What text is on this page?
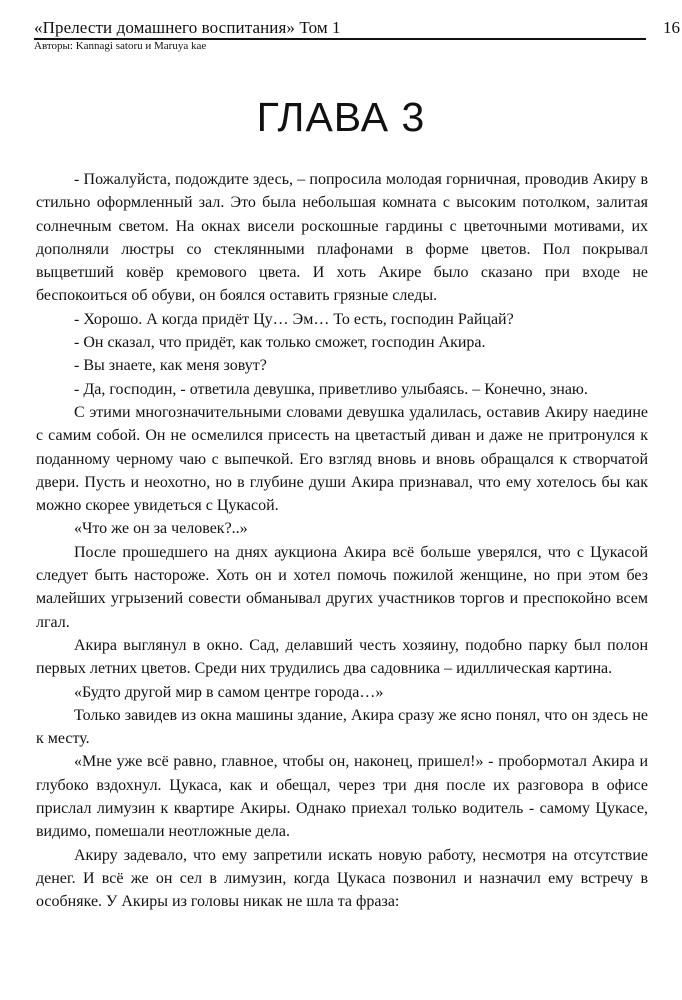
«Прелести домашнего воспитания» Том 1	16
Авторы: Kannagi satoru и Maruya kae
ГЛАВА 3

- Пожалуйста, подождите здесь, – попросила молодая горничная, проводив Акиру в стильно оформленный зал. Это была небольшая комната с высоким потолком, залитая солнечным светом. На окнах висели роскошные гардины с цветочными мотивами, их дополняли люстры со стеклянными плафонами в форме цветов. Пол покрывал выцветший ковёр кремового цвета. И хоть Акире было сказано при входе не беспокоиться об обуви, он боялся оставить грязные следы.

- Хорошо. А когда придёт Цу… Эм… То есть, господин Райцай?

- Он сказал, что придёт, как только сможет, господин Акира.

- Вы знаете, как меня зовут?

- Да, господин, - ответила девушка, приветливо улыбаясь. – Конечно, знаю.

С этими многозначительными словами девушка удалилась, оставив Акиру наедине с самим собой. Он не осмелился присесть на цветастый диван и даже не притронулся к поданному черному чаю с выпечкой. Его взгляд вновь и вновь обращался к створчатой двери. Пусть и неохотно, но в глубине души Акира признавал, что ему хотелось бы как можно скорее увидеться с Цукасой.

«Что же он за человек?..»

После прошедшего на днях аукциона Акира всё больше уверялся, что с Цукасой следует быть настороже. Хоть он и хотел помочь пожилой женщине, но при этом без малейших угрызений совести обманывал других участников торгов и преспокойно всем лгал.

Акира выглянул в окно. Сад, делавший честь хозяину, подобно парку был полон первых летних цветов. Среди них трудились два садовника – идиллическая картина.

«Будто другой мир в самом центре города…»

Только завидев из окна машины здание, Акира сразу же ясно понял, что он здесь не к месту.

«Мне уже всё равно, главное, чтобы он, наконец, пришел!» - пробормотал Акира и глубоко вздохнул. Цукаса, как и обещал, через три дня после их разговора в офисе прислал лимузин к квартире Акиры. Однако приехал только водитель - самому Цукасе, видимо, помешали неотложные дела.

Акиру задевало, что ему запретили искать новую работу, несмотря на отсутствие денег. И всё же он сел в лимузин, когда Цукаса позвонил и назначил ему встречу в особняке. У Акиры из головы никак не шла та фраза:
